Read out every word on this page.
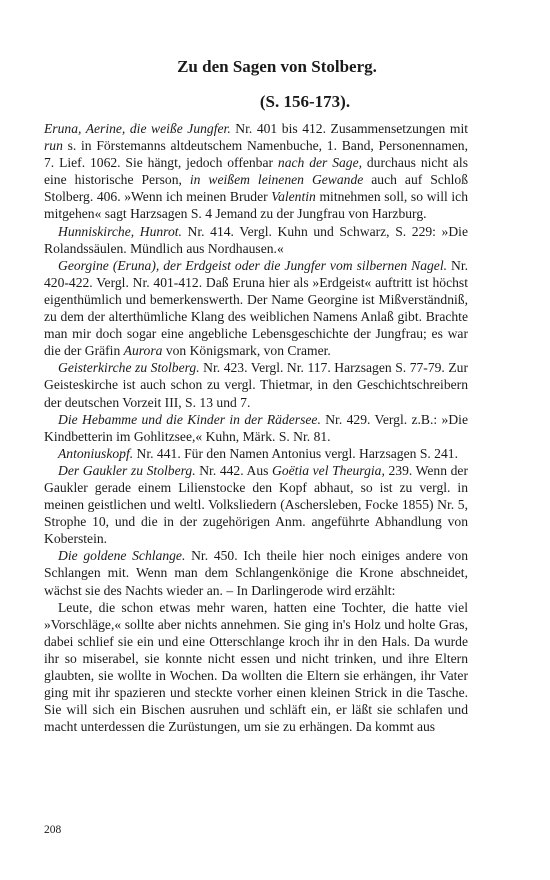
Zu den Sagen von Stolberg.
(S. 156-173).

Eruna, Aerine, die weiße Jungfer. Nr. 401 bis 412. Zusammensetzungen mit run s. in Förstemanns altdeutschem Namenbuche, 1. Band, Personennamen, 7. Lief. 1062. Sie hängt, jedoch offenbar nach der Sage, durchaus nicht als eine historische Person, in weißem leinenen Gewande auch auf Schloß Stolberg. 406. »Wenn ich meinen Bruder Valentin mitnehmen soll, so will ich mitgehen« sagt Harzsagen S. 4 Jemand zu der Jungfrau von Harzburg.

Hunniskirche, Hunrot. Nr. 414. Vergl. Kuhn und Schwarz, S. 229: »Die Rolandssäulen. Mündlich aus Nordhausen.«

Georgine (Eruna), der Erdgeist oder die Jungfer vom silbernen Nagel. Nr. 420-422. Vergl. Nr. 401-412. Daß Eruna hier als »Erdgeist« auftritt ist höchst eigenthümlich und bemerkenswerth. Der Name Georgine ist Mißverständniß, zu dem der alterthümliche Klang des weiblichen Namens Anlaß gibt. Brachte man mir doch sogar eine angebliche Lebensgeschichte der Jungfrau; es war die der Gräfin Aurora von Königsmark, von Cramer.

Geisterkirche zu Stolberg. Nr. 423. Vergl. Nr. 117. Harzsagen S. 77-79. Zur Geisteskirche ist auch schon zu vergl. Thietmar, in den Geschichtschreibern der deutschen Vorzeit III, S. 13 und 7.

Die Hebamme und die Kinder in der Rädersee. Nr. 429. Vergl. z.B.: »Die Kindbetterin im Gohlitzsee,« Kuhn, Märk. S. Nr. 81.

Antoniuskopf. Nr. 441. Für den Namen Antonius vergl. Harzsagen S. 241.

Der Gaukler zu Stolberg. Nr. 442. Aus Goëtia vel Theurgia, 239. Wenn der Gaukler gerade einem Lilienstocke den Kopf abhaut, so ist zu vergl. in meinen geistlichen und weltl. Volksliedern (Aschersleben, Focke 1855) Nr. 5, Strophe 10, und die in der zugehörigen Anm. angeführte Abhandlung von Koberstein.

Die goldene Schlange. Nr. 450. Ich theile hier noch einiges andere von Schlangen mit. Wenn man dem Schlangenkönige die Krone abschneidet, wächst sie des Nachts wieder an. – In Darlingerode wird erzählt:

Leute, die schon etwas mehr waren, hatten eine Tochter, die hatte viel »Vorschläge,« sollte aber nichts annehmen. Sie ging in's Holz und holte Gras, dabei schlief sie ein und eine Otterschlange kroch ihr in den Hals. Da wurde ihr so miserabel, sie konnte nicht essen und nicht trinken, und ihre Eltern glaubten, sie wollte in Wochen. Da wollten die Eltern sie erhängen, ihr Vater ging mit ihr spazieren und steckte vorher einen kleinen Strick in die Tasche. Sie will sich ein Bischen ausruhen und schläft ein, er läßt sie schlafen und macht unterdessen die Zurüstungen, um sie zu erhängen. Da kommt aus

208
